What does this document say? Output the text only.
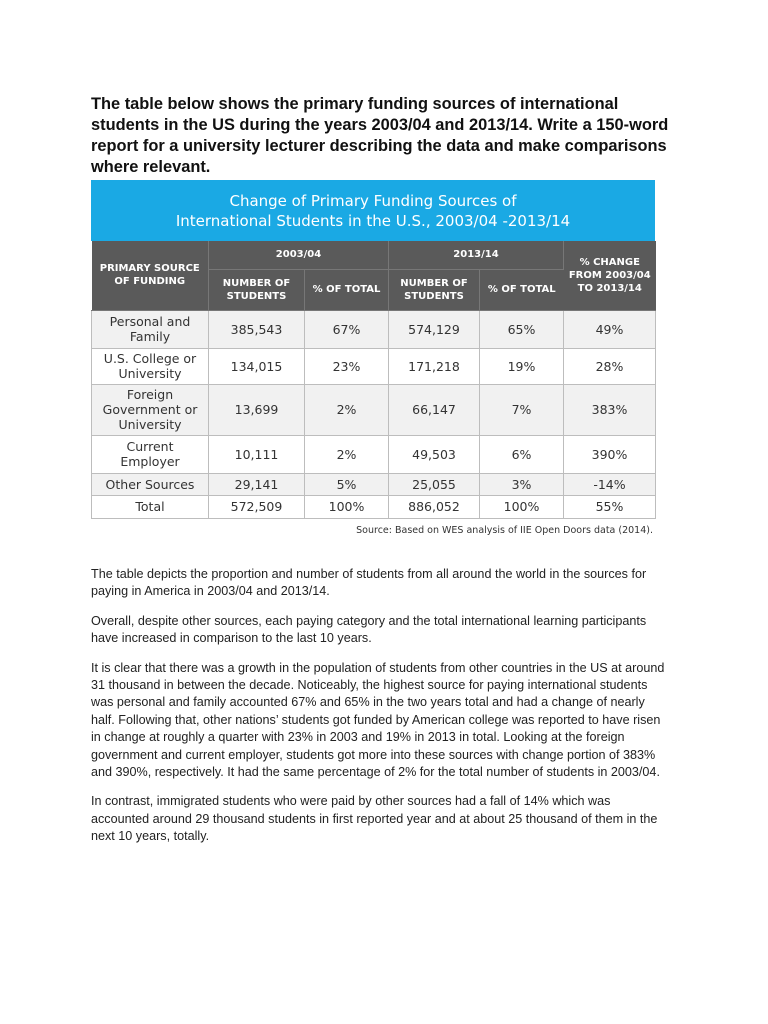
The table below shows the primary funding sources of international students in the US during the years 2003/04 and 2013/14. Write a 150-word report for a university lecturer describing the data and make comparisons where relevant.

Change of Primary Funding Sources of
International Students in the U.S., 2003/04 -2013/14
PRIMARY SOURCE OF FUNDING	2003/04		2013/14		% CHANGE FROM 2003/04 TO 2013/14
	NUMBER OF STUDENTS	% OF TOTAL	NUMBER OF STUDENTS	% OF TOTAL	
Personal and Family	385,543	67%	574,129	65%	49%
U.S. College or University	134,015	23%	171,218	19%	28%
Foreign Government or University	13,699	2%	66,147	7%	383%
Current Employer	10,111	2%	49,503	6%	390%
Other Sources	29,141	5%	25,055	3%	-14%
Total	572,509	100%	886,052	100%	55%
Source: Based on WES analysis of IIE Open Doors data (2014).

The table depicts the proportion and number of students from all around the world in the sources for paying in America in 2003/04 and 2013/14.

Overall, despite other sources, each paying category and the total international learning participants have increased in comparison to the last 10 years.

It is clear that there was a growth in the population of students from other countries in the US at around 31 thousand in between the decade. Noticeably, the highest source for paying international students was personal and family accounted 67% and 65% in the two years total and had a change of nearly half. Following that, other nations’ students got funded by American college was reported to have risen in change at roughly a quarter with 23% in 2003 and 19% in 2013 in total. Looking at the foreign government and current employer, students got more into these sources with change portion of 383% and 390%, respectively. It had the same percentage of 2% for the total number of students in 2003/04.

In contrast, immigrated students who were paid by other sources had a fall of 14% which was accounted around 29 thousand students in first reported year and at about 25 thousand of them in the next 10 years, totally.
